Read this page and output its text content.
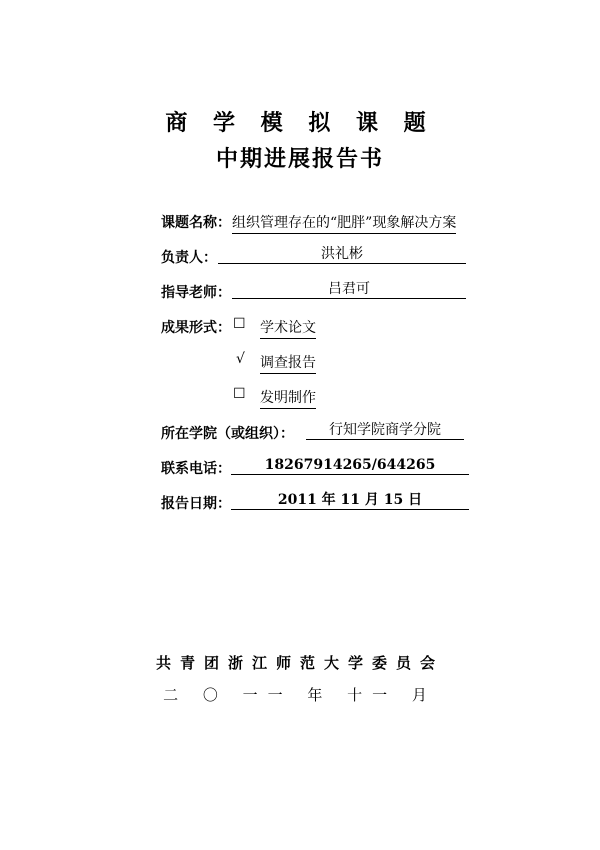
商 学 模 拟 课 题
中期进展报告书
课题名称： 组织管理存在的“肥胖”现象解决方案
负责人：	洪礼彬
指导老师：	吕君可
成果形式： ☐ 学术论文
√ 调查报告
☐ 发明制作
所在学院（或组织）：	行知学院商学分院
联系电话：	18267914265/644265
报告日期：	2011 年 11 月 15 日
共青团浙江师范大学委员会
二 〇 一一 年 十一 月
